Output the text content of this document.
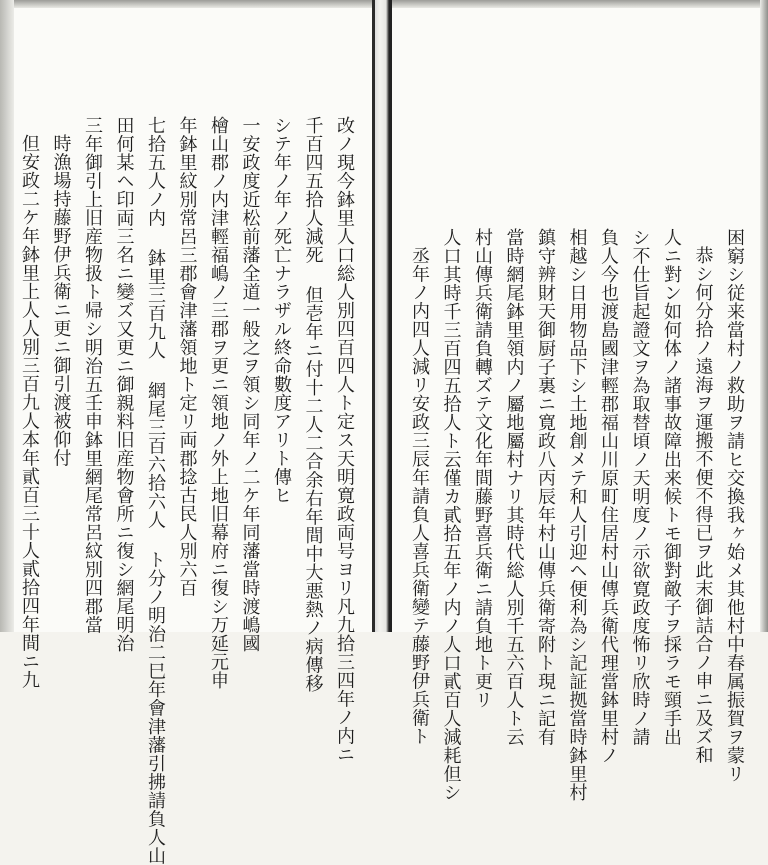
困窮シ従来當村ノ救助ヲ請ヒ交換我ヶ始メ其他村中春属振賀ヲ蒙リ
恭シ何分拾ノ遠海ヲ運搬不便不得已ヲ此末御詰合ノ申ニ及ズ和
人ニ對ン如何体ノ諸事故障出来候トモ御對敵子ヲ採ラモ頸手出
シ不仕旨起證文ヲ為取替頃ノ天明度ノ示欲寛政度怖リ欣時ノ請
負人今也渡島國津輕郡福山川原町住居村山傳兵衛代理當鉢里村ノ
相越シ日用物品下シ土地創メテ和人引迎ヘ便利為シ記証拠當時鉢里村
鎮守辨財天御厨子裏ニ寛政八丙辰年村山傳兵衛寄附ト現ニ記有
當時網尾鉢里領内ノ屬地屬村ナリ其時代総人別千五六百人ト云
村山傳兵衛請負轉ズテ文化年間藤野喜兵衛ニ請負地ト更リ
人口其時千三百四五拾人ト云僅カ貳拾五年ノ内ノ人口貳百人減耗但シ
丞年ノ内四人減リ安政三辰年請負人喜兵衛變テ藤野伊兵衛ト
改ノ現今鉢里人口総人別四百四人ト定ス天明寛政両号ヨリ凡九拾三四年ノ内ニ
千百四五拾人減死 但壱年ニ付十二人二合余右年間中大悪熱ノ病傳移
シテ年ノ年ノ死亡ナラザル終命數度アリト傳ヒ
一安政度近松前藩全道一般之ヲ領シ同年ノ二ケ年同藩當時渡嶋國
檜山郡ノ内津輕福嶋ノ三郡ヲ更ニ領地ノ外上地旧幕府ニ復シ万延元申
年鉢里紋別常呂三郡會津藩領地ト定リ両郡捻古民人別六百
七拾五人ノ内 鉢里三百九人 網尾三百六拾六人 ト分ノ明治二巳年會津藩引拂請負人山
田何某ヘ印両三名ニ變ズ又更ニ御親料旧産物會所ニ復シ網尾明治
三年御引上旧産物扱ト帰シ明治五壬申鉢里網尾常呂紋別四郡當
時漁場持藤野伊兵衛ニ更ニ御引渡被仰付
但安政二ケ年鉢里上人人別三百九人本年貳百三十人貳拾四年間ニ九
